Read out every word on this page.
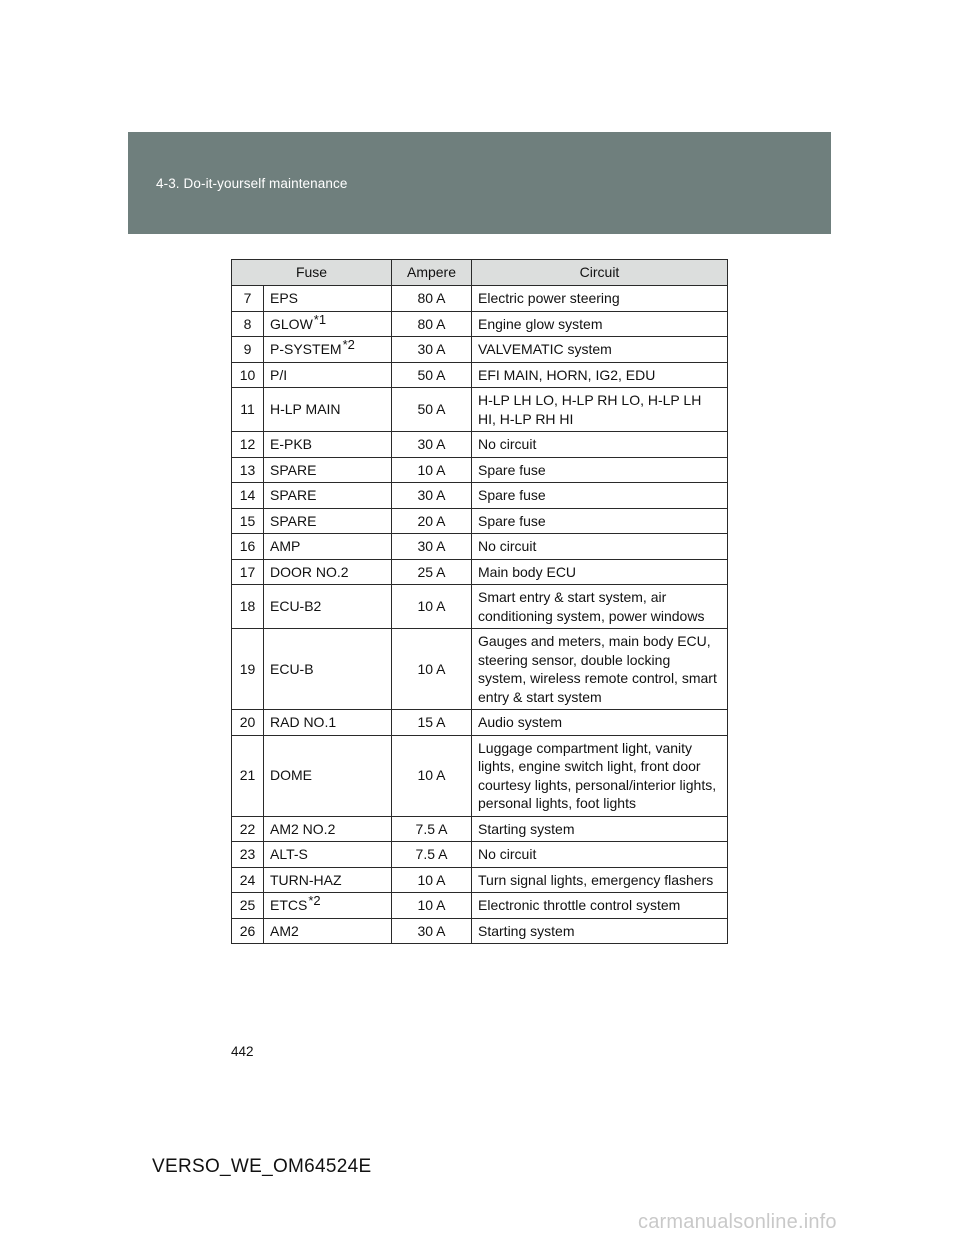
4-3. Do-it-yourself maintenance
Fuse		Ampere	Circuit
7	EPS	80 A	Electric power steering
8	GLOW$^{*1}$	80 A	Engine glow system
9	P-SYSTEM$^{*2}$	30 A	VALVEMATIC system
10	P/I	50 A	EFI MAIN, HORN, IG2, EDU
11	H-LP MAIN	50 A	H-LP LH LO, H-LP RH LO, H-LP LH HI, H-LP RH HI
12	E-PKB	30 A	No circuit
13	SPARE	10 A	Spare fuse
14	SPARE	30 A	Spare fuse
15	SPARE	20 A	Spare fuse
16	AMP	30 A	No circuit
17	DOOR NO.2	25 A	Main body ECU
18	ECU-B2	10 A	Smart entry & start system, air conditioning system, power windows
19	ECU-B	10 A	Gauges and meters, main body ECU, steering sensor, double locking system, wireless remote control, smart entry & start system
20	RAD NO.1	15 A	Audio system
21	DOME	10 A	Luggage compartment light, vanity lights, engine switch light, front door courtesy lights, personal/interior lights, personal lights, foot lights
22	AM2 NO.2	7.5 A	Starting system
23	ALT-S	7.5 A	No circuit
24	TURN-HAZ	10 A	Turn signal lights, emergency flashers
25	ETCS$^{*2}$	10 A	Electronic throttle control system
26	AM2	30 A	Starting system
442
VERSO_WE_OM64524E
carmanualsonline.info
